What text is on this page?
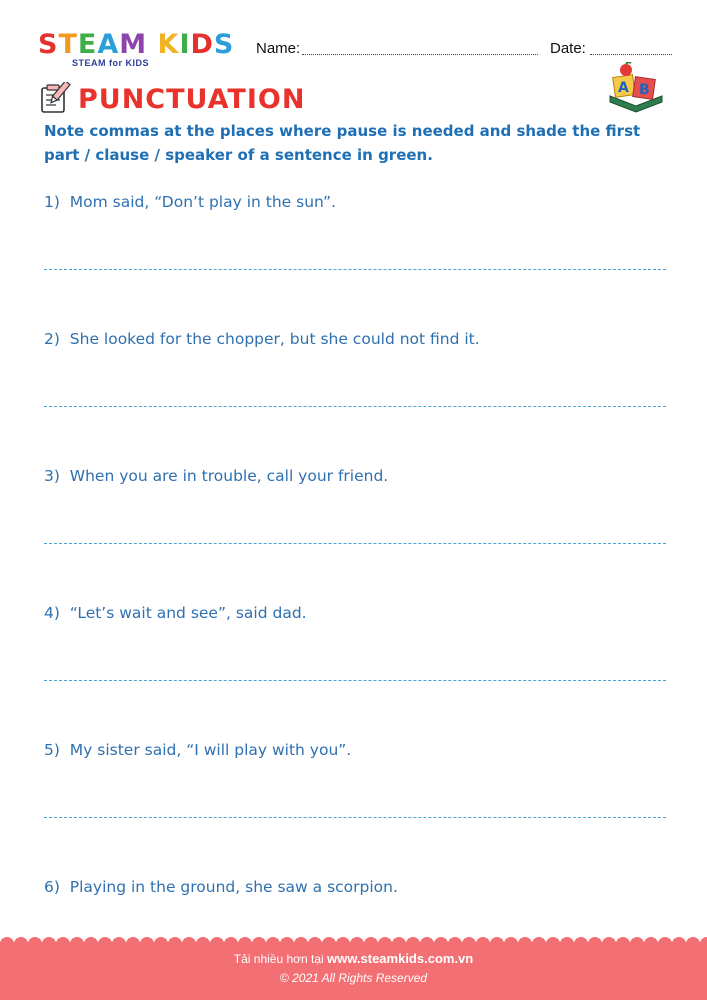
STEAM KIDS
STEAM for KIDS
Name:	Date:
PUNCTUATION	A B
Note commas at the places where pause is needed and shade the first part / clause / speaker of a sentence in green.
1) Mom said, “Don’t play in the sun”.
2) She looked for the chopper, but she could not find it.
3) When you are in trouble, call your friend.
4) “Let’s wait and see”, said dad.
5) My sister said, “I will play with you”.
6) Playing in the ground, she saw a scorpion.
Tải nhiều hơn tại www.steamkids.com.vn
© 2021 All Rights Reserved
